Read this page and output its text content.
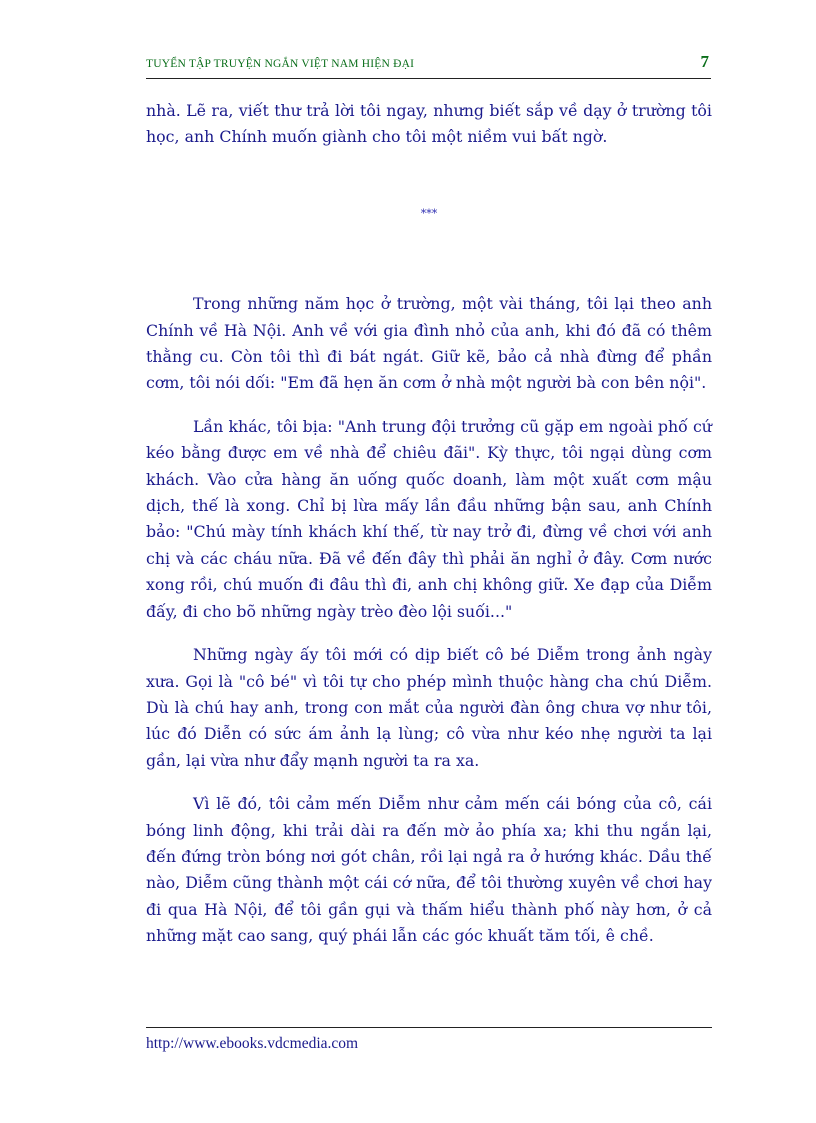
TUYỂN TẬP TRUYỆN NGẮN VIỆT NAM HIỆN ĐẠI	7

nhà. Lẽ ra, viết thư trả lời tôi ngay, nhưng biết sắp về dạy ở trường tôi học, anh Chính muốn giành cho tôi một niềm vui bất ngờ.

***

Trong những năm học ở trường, một vài tháng, tôi lại theo anh Chính về Hà Nội. Anh về với gia đình nhỏ của anh, khi đó đã có thêm thằng cu. Còn tôi thì đi bát ngát. Giữ kẽ, bảo cả nhà đừng để phần cơm, tôi nói dối: "Em đã hẹn ăn cơm ở nhà một người bà con bên nội".

Lần khác, tôi bịa: "Anh trung đội trưởng cũ gặp em ngoài phố cứ kéo bằng được em về nhà để chiêu đãi". Kỳ thực, tôi ngại dùng cơm khách. Vào cửa hàng ăn uống quốc doanh, làm một xuất cơm mậu dịch, thế là xong. Chỉ bị lừa mấy lần đầu những bận sau, anh Chính bảo: "Chú mày tính khách khí thế, từ nay trở đi, đừng về chơi với anh chị và các cháu nữa. Đã về đến đây thì phải ăn nghỉ ở đây. Cơm nước xong rồi, chú muốn đi đâu thì đi, anh chị không giữ. Xe đạp của Diễm đấy, đi cho bõ những ngày trèo đèo lội suối..."

Những ngày ấy tôi mới có dịp biết cô bé Diễm trong ảnh ngày xưa. Gọi là "cô bé" vì tôi tự cho phép mình thuộc hàng cha chú Diễm. Dù là chú hay anh, trong con mắt của người đàn ông chưa vợ như tôi, lúc đó Diễn có sức ám ảnh lạ lùng; cô vừa như kéo nhẹ người ta lại gần, lại vừa như đẩy mạnh người ta ra xa.

Vì lẽ đó, tôi cảm mến Diễm như cảm mến cái bóng của cô, cái bóng linh động, khi trải dài ra đến mờ ảo phía xa; khi thu ngắn lại, đến đứng tròn bóng nơi gót chân, rồi lại ngả ra ở hướng khác. Dầu thế nào, Diễm cũng thành một cái cớ nữa, để tôi thường xuyên về chơi hay đi qua Hà Nội, để tôi gần gụi và thấm hiểu thành phố này hơn, ở cả những mặt cao sang, quý phái lẫn các góc khuất tăm tối, ê chề.

http://www.ebooks.vdcmedia.com
